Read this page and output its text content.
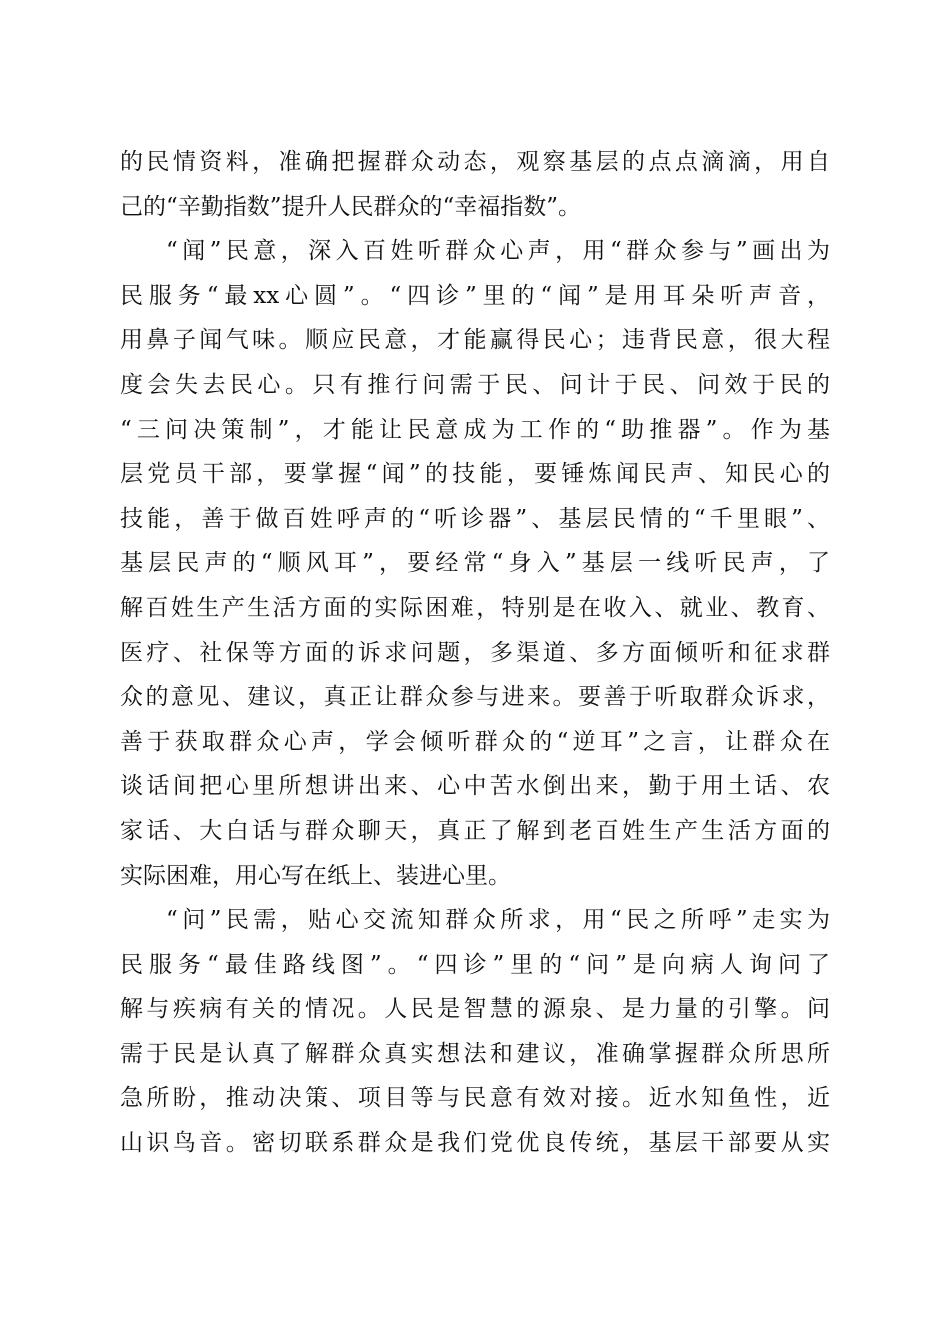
的民情资料，准确把握群众动态，观察基层的点点滴滴，用自
己的“辛勤指数”提升人民群众的“幸福指数”。
“闻”民意，深入百姓听群众心声，用“群众参与”画出为
民服务“最xx心圆”。“四诊”里的“闻”是用耳朵听声音，
用鼻子闻气味。顺应民意，才能赢得民心；违背民意，很大程
度会失去民心。只有推行问需于民、问计于民、问效于民的
“三问决策制”，才能让民意成为工作的“助推器”。作为基
层党员干部，要掌握“闻”的技能，要锤炼闻民声、知民心的
技能，善于做百姓呼声的“听诊器”、基层民情的“千里眼”、
基层民声的“顺风耳”，要经常“身入”基层一线听民声，了
解百姓生产生活方面的实际困难，特别是在收入、就业、教育、
医疗、社保等方面的诉求问题，多渠道、多方面倾听和征求群
众的意见、建议，真正让群众参与进来。要善于听取群众诉求，
善于获取群众心声，学会倾听群众的“逆耳”之言，让群众在
谈话间把心里所想讲出来、心中苦水倒出来，勤于用土话、农
家话、大白话与群众聊天，真正了解到老百姓生产生活方面的
实际困难，用心写在纸上、装进心里。
“问”民需，贴心交流知群众所求，用“民之所呼”走实为
民服务“最佳路线图”。“四诊”里的“问”是向病人询问了
解与疾病有关的情况。人民是智慧的源泉、是力量的引擎。问
需于民是认真了解群众真实想法和建议，准确掌握群众所思所
急所盼，推动决策、项目等与民意有效对接。近水知鱼性，近
山识鸟音。密切联系群众是我们党优良传统，基层干部要从实
